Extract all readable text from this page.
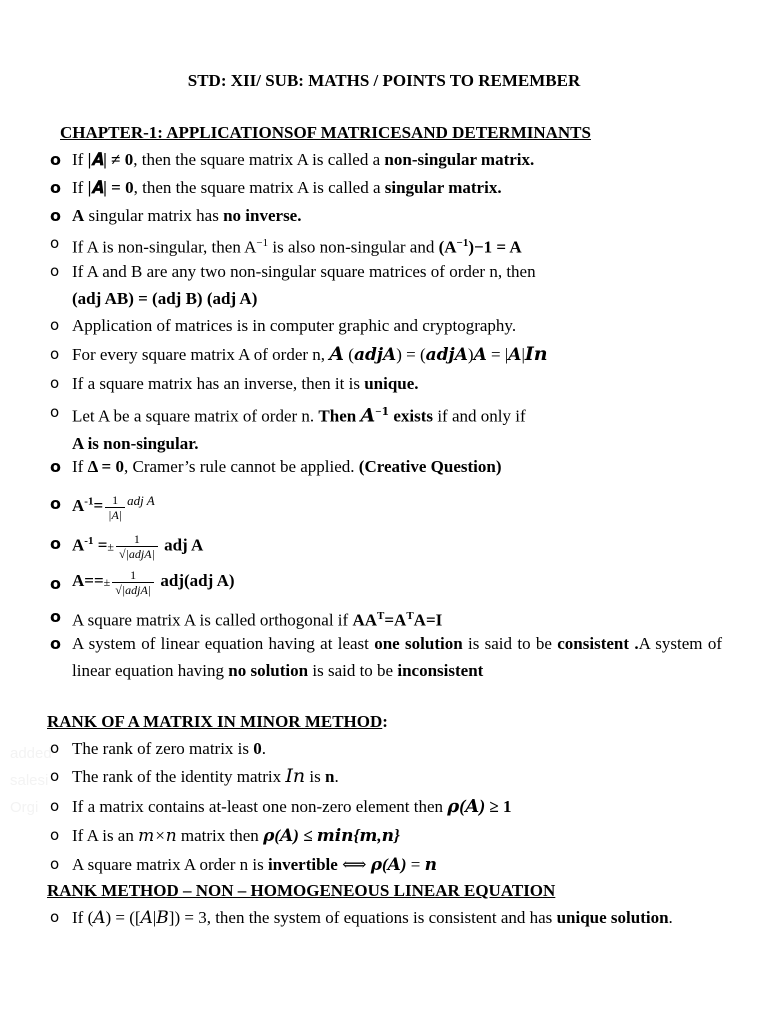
STD: XII/ SUB: MATHS / POINTS TO REMEMBER
added
salesi
Orgi
CHAPTER-1: APPLICATIONSOF MATRICESAND DETERMINANTS
o If |𝑨| ≠ 0, then the square matrix A is called a non-singular matrix.
o If |𝑨| = 0, then the square matrix A is called a singular matrix.
o A singular matrix has no inverse.
o If A is non-singular, then $A^{-1}$ is also non-singular and $(A^{-1})-1 = A$
o If A and B are any two non-singular square matrices of order n, then
(adj AB) = (adj B) (adj A)
o Application of matrices is in computer graphic and cryptography.
o For every square matrix A of order n, 𝑨 (𝒂𝒅𝒋𝑨) = (𝒂𝒅𝒋𝑨)𝑨 = |𝑨|𝑰𝒏
o If a square matrix has an inverse, then it is unique.
o Let A be a square matrix of order n. Then 𝑨$^{-𝟏}$ exists if and only if
A is non-singular.
o If Δ = 0, Cramer’s rule cannot be applied. (Creative Question)
o $A^{-1}= \frac{1}{|A|} ^{adj A}$
o $A^{-1} =\pm \frac{1}{\text{√|adjA|}}$ adj A
o $A==\pm \frac{1}{\text{√|adjA|}} adj(adj$ A)
o A square matrix A is called orthogonal if $AA^T=A^TA=I$
o A system of linear equation having at least one solution is said to be consistent .A system of linear equation having no solution is said to be inconsistent
RANK OF A MATRIX IN MINOR METHOD:
o The rank of zero matrix is 0.
o The rank of the identity matrix 𝐼𝑛 is n.
o If a matrix contains at-least one non-zero element then 𝝆(𝑨) ≥ 1
o If A is an 𝑚×𝑛 matrix then 𝝆(𝑨) ≤ 𝒎𝒊𝒏{𝒎,𝒏}
o A square matrix A order n is invertible ⟺ 𝝆(𝑨) = 𝒏
RANK METHOD – NON – HOMOGENEOUS LINEAR EQUATION
o If (𝐴) = ([𝐴|𝐵]) = 3, then the system of equations is consistent and has unique solution.
